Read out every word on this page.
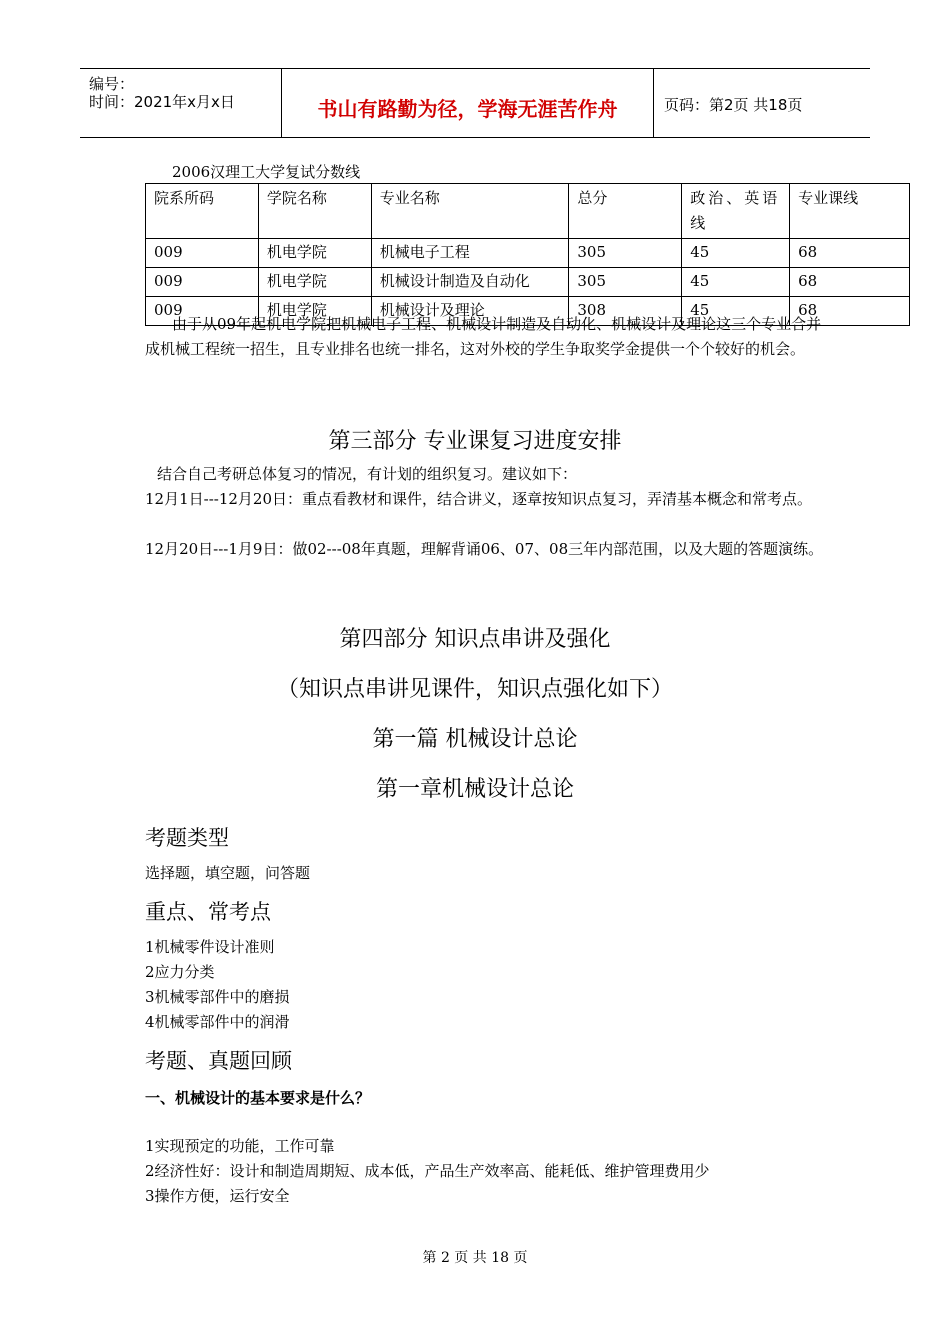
编号：
时间：2021年x月x日	书山有路勤为径，学海无涯苦作舟	页码：第2页 共18页
2006汉理工大学复试分数线
院系所码	学院名称	专业名称	总分	政治、英语线	专业课线
009	机电学院	机械电子工程	305	45	68
009	机电学院	机械设计制造及自动化	305	45	68
009	机电学院	机械设计及理论	308	45	68
由于从09年起机电学院把机械电子工程、机械设计制造及自动化、机械设计及理论这三个专业合并成机械工程统一招生，且专业排名也统一排名，这对外校的学生争取奖学金提供一个个较好的机会。
第三部分 专业课复习进度安排
结合自己考研总体复习的情况，有计划的组织复习。建议如下：
12月1日---12月20日：重点看教材和课件，结合讲义，逐章按知识点复习，弄清基本概念和常考点。
12月20日---1月9日：做02---08年真题，理解背诵06、07、08三年内部范围，以及大题的答题演练。
第四部分 知识点串讲及强化
（知识点串讲见课件，知识点强化如下）
第一篇 机械设计总论
第一章机械设计总论
考题类型
选择题，填空题，问答题
重点、常考点
1机械零件设计准则
2应力分类
3机械零部件中的磨损
4机械零部件中的润滑
考题、真题回顾
一、机械设计的基本要求是什么？
1实现预定的功能，工作可靠
2经济性好：设计和制造周期短、成本低，产品生产效率高、能耗低、维护管理费用少
3操作方便，运行安全
第 2 页 共 18 页
